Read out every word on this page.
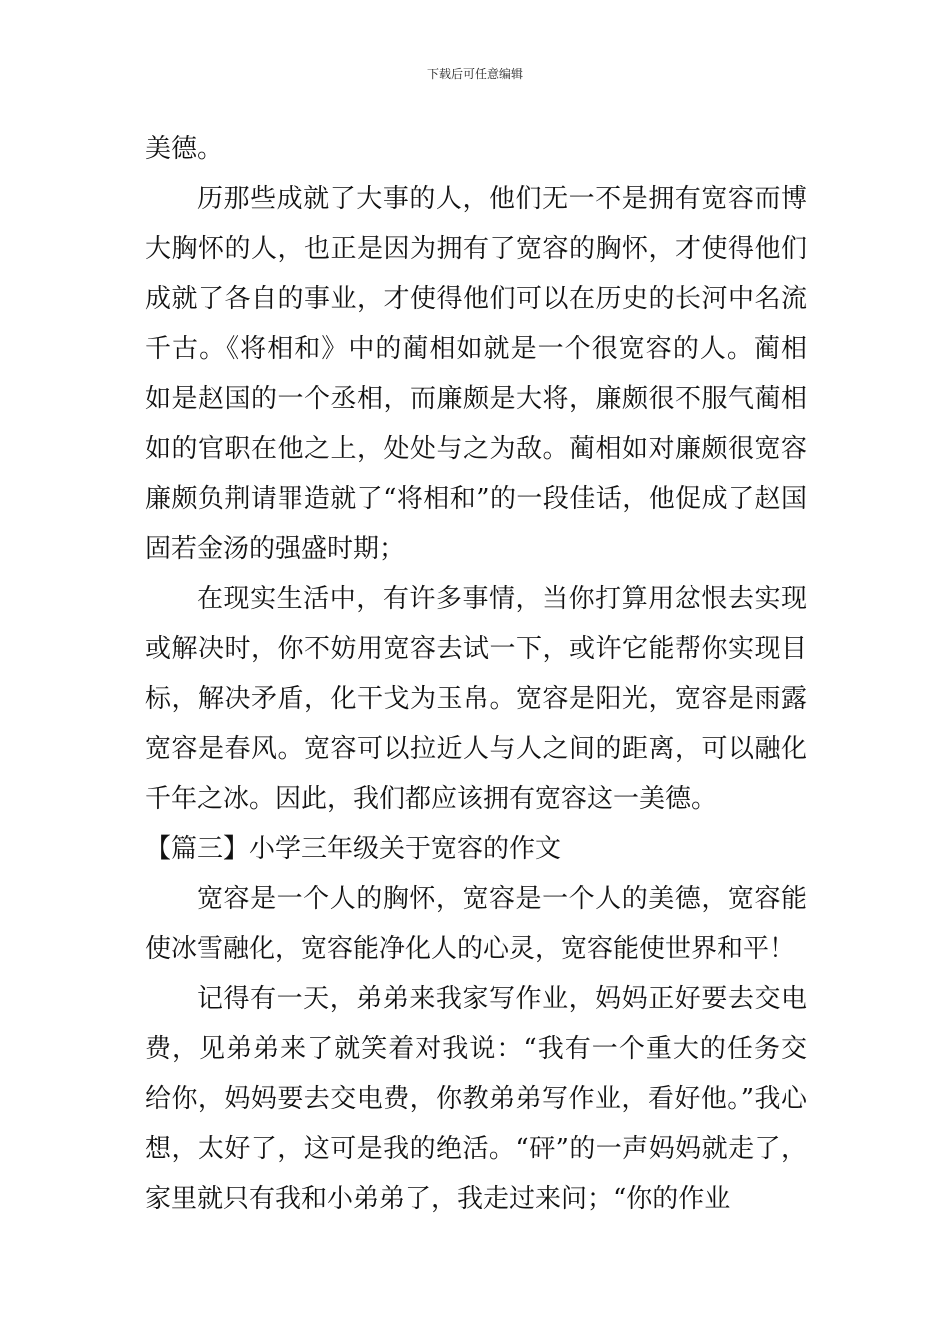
下载后可任意编辑

美德。

历那些成就了大事的人，他们无一不是拥有宽容而博大胸怀的人，也正是因为拥有了宽容的胸怀，才使得他们成就了各自的事业，才使得他们可以在历史的长河中名流千古。《将相和》中的蔺相如就是一个很宽容的人。蔺相如是赵国的一个丞相，而廉颇是大将，廉颇很不服气蔺相如的官职在他之上，处处与之为敌。蔺相如对廉颇很宽容廉颇负荆请罪造就了“将相和”的一段佳话，他促成了赵国固若金汤的强盛时期；

在现实生活中，有许多事情，当你打算用忿恨去实现或解决时，你不妨用宽容去试一下，或许它能帮你实现目标，解决矛盾，化干戈为玉帛。宽容是阳光，宽容是雨露宽容是春风。宽容可以拉近人与人之间的距离，可以融化千年之冰。因此，我们都应该拥有宽容这一美德。

【篇三】小学三年级关于宽容的作文

宽容是一个人的胸怀，宽容是一个人的美德，宽容能使冰雪融化，宽容能净化人的心灵，宽容能使世界和平！

记得有一天，弟弟来我家写作业，妈妈正好要去交电费，见弟弟来了就笑着对我说：“我有一个重大的任务交给你，妈妈要去交电费，你教弟弟写作业，看好他。”我心想，太好了，这可是我的绝活。“砰”的一声妈妈就走了，家里就只有我和小弟弟了，我走过来问；“你的作业
